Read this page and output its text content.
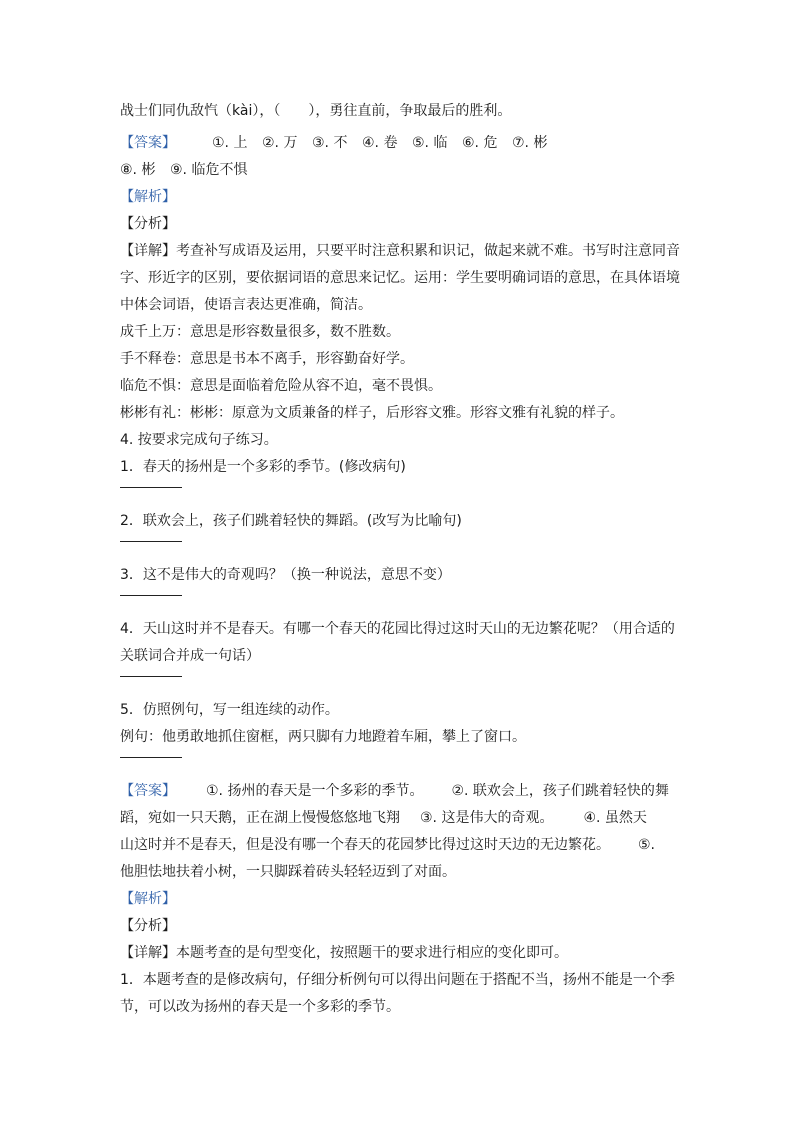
战士们同仇敌忾（kài），（　　），勇往直前，争取最后的胜利。
【答案】	①. 上 ②. 万 ③. 不 ④. 卷 ⑤. 临 ⑥. 危 ⑦. 彬
⑧. 彬 ⑨. 临危不惧
【解析】
【分析】
【详解】考查补写成语及运用，只要平时注意积累和识记，做起来就不难。书写时注意同音
字、形近字的区别，要依据词语的意思来记忆。运用：学生要明确词语的意思，在具体语境
中体会词语，使语言表达更准确，简洁。
成千上万：意思是形容数量很多，数不胜数。
手不释卷：意思是书本不离手，形容勤奋好学。
临危不惧：意思是面临着危险从容不迫，毫不畏惧。
彬彬有礼：彬彬：原意为文质兼备的样子，后形容文雅。形容文雅有礼貌的样子。
4. 按要求完成句子练习。
1．春天的扬州是一个多彩的季节。(修改病句)
2．联欢会上，孩子们跳着轻快的舞蹈。(改写为比喻句)
3．这不是伟大的奇观吗？（换一种说法，意思不变）
4．天山这时并不是春天。有哪一个春天的花园比得过这时天山的无边繁花呢？（用合适的
关联词合并成一句话）
5．仿照例句，写一组连续的动作。
例句：他勇敢地抓住窗框，两只脚有力地蹬着车厢，攀上了窗口。
【答案】 ①. 扬州的春天是一个多彩的季节。 ②. 联欢会上，孩子们跳着轻快的舞
蹈，宛如一只天鹅，正在湖上慢慢悠悠地飞翔 ③. 这是伟大的奇观。 ④. 虽然天
山这时并不是春天，但是没有哪一个春天的花园梦比得过这时天边的无边繁花。 ⑤.
他胆怯地扶着小树，一只脚踩着砖头轻轻迈到了对面。
【解析】
【分析】
【详解】本题考查的是句型变化，按照题干的要求进行相应的变化即可。
1．本题考查的是修改病句，仔细分析例句可以得出问题在于搭配不当，扬州不能是一个季
节，可以改为扬州的春天是一个多彩的季节。
